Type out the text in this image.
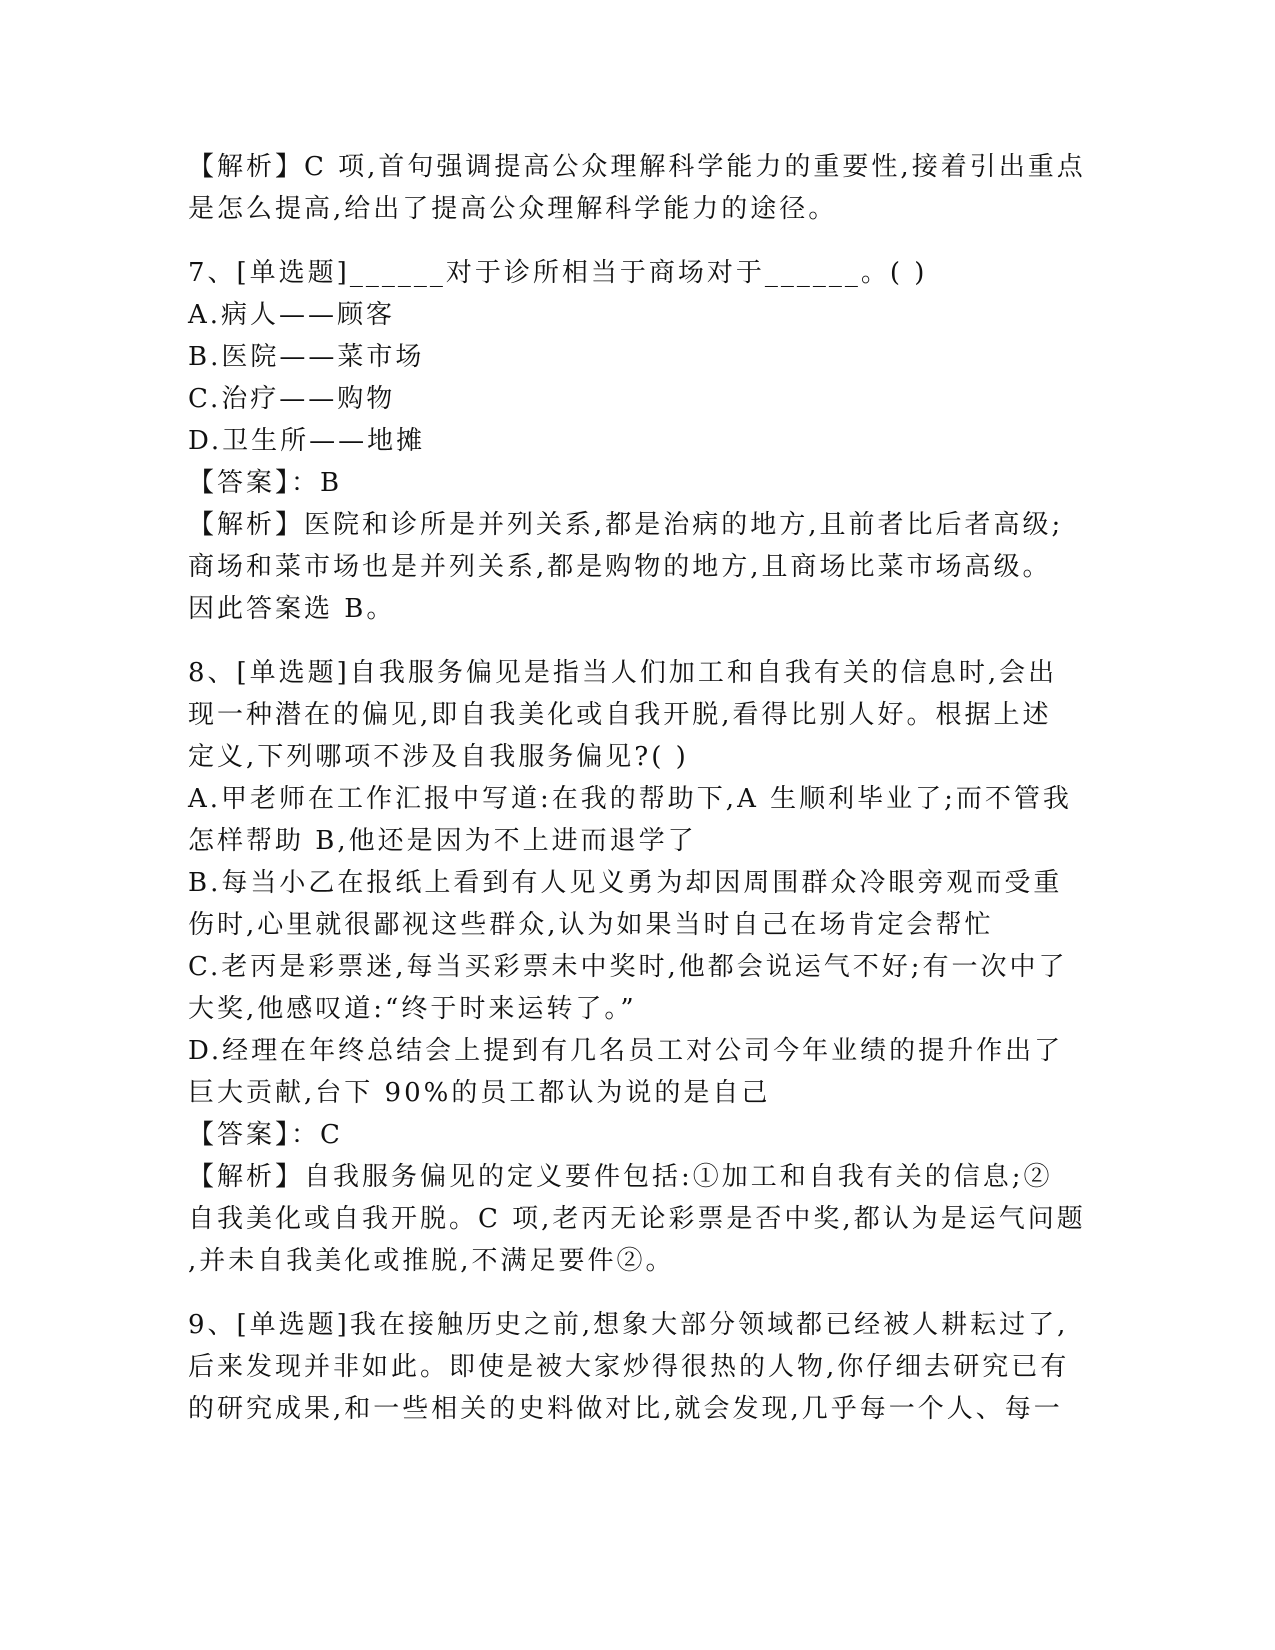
【解析】C 项,首句强调提高公众理解科学能力的重要性,接着引出重点
是怎么提高,给出了提高公众理解科学能力的途径。
7、[单选题]______对于诊所相当于商场对于______。( )
A.病人——顾客
B.医院——菜市场
C.治疗——购物
D.卫生所——地摊
【答案】：B
【解析】医院和诊所是并列关系,都是治病的地方,且前者比后者高级;
商场和菜市场也是并列关系,都是购物的地方,且商场比菜市场高级。
因此答案选 B。
8、[单选题]自我服务偏见是指当人们加工和自我有关的信息时,会出
现一种潜在的偏见,即自我美化或自我开脱,看得比别人好。根据上述
定义,下列哪项不涉及自我服务偏见?( )
A.甲老师在工作汇报中写道:在我的帮助下,A 生顺利毕业了;而不管我
怎样帮助 B,他还是因为不上进而退学了
B.每当小乙在报纸上看到有人见义勇为却因周围群众冷眼旁观而受重
伤时,心里就很鄙视这些群众,认为如果当时自己在场肯定会帮忙
C.老丙是彩票迷,每当买彩票未中奖时,他都会说运气不好;有一次中了
大奖,他感叹道:“终于时来运转了。”
D.经理在年终总结会上提到有几名员工对公司今年业绩的提升作出了
巨大贡献,台下 90%的员工都认为说的是自己
【答案】：C
【解析】自我服务偏见的定义要件包括:①加工和自我有关的信息;②
自我美化或自我开脱。C 项,老丙无论彩票是否中奖,都认为是运气问题
,并未自我美化或推脱,不满足要件②。
9、[单选题]我在接触历史之前,想象大部分领域都已经被人耕耘过了,
后来发现并非如此。即使是被大家炒得很热的人物,你仔细去研究已有
的研究成果,和一些相关的史料做对比,就会发现,几乎每一个人、每一
